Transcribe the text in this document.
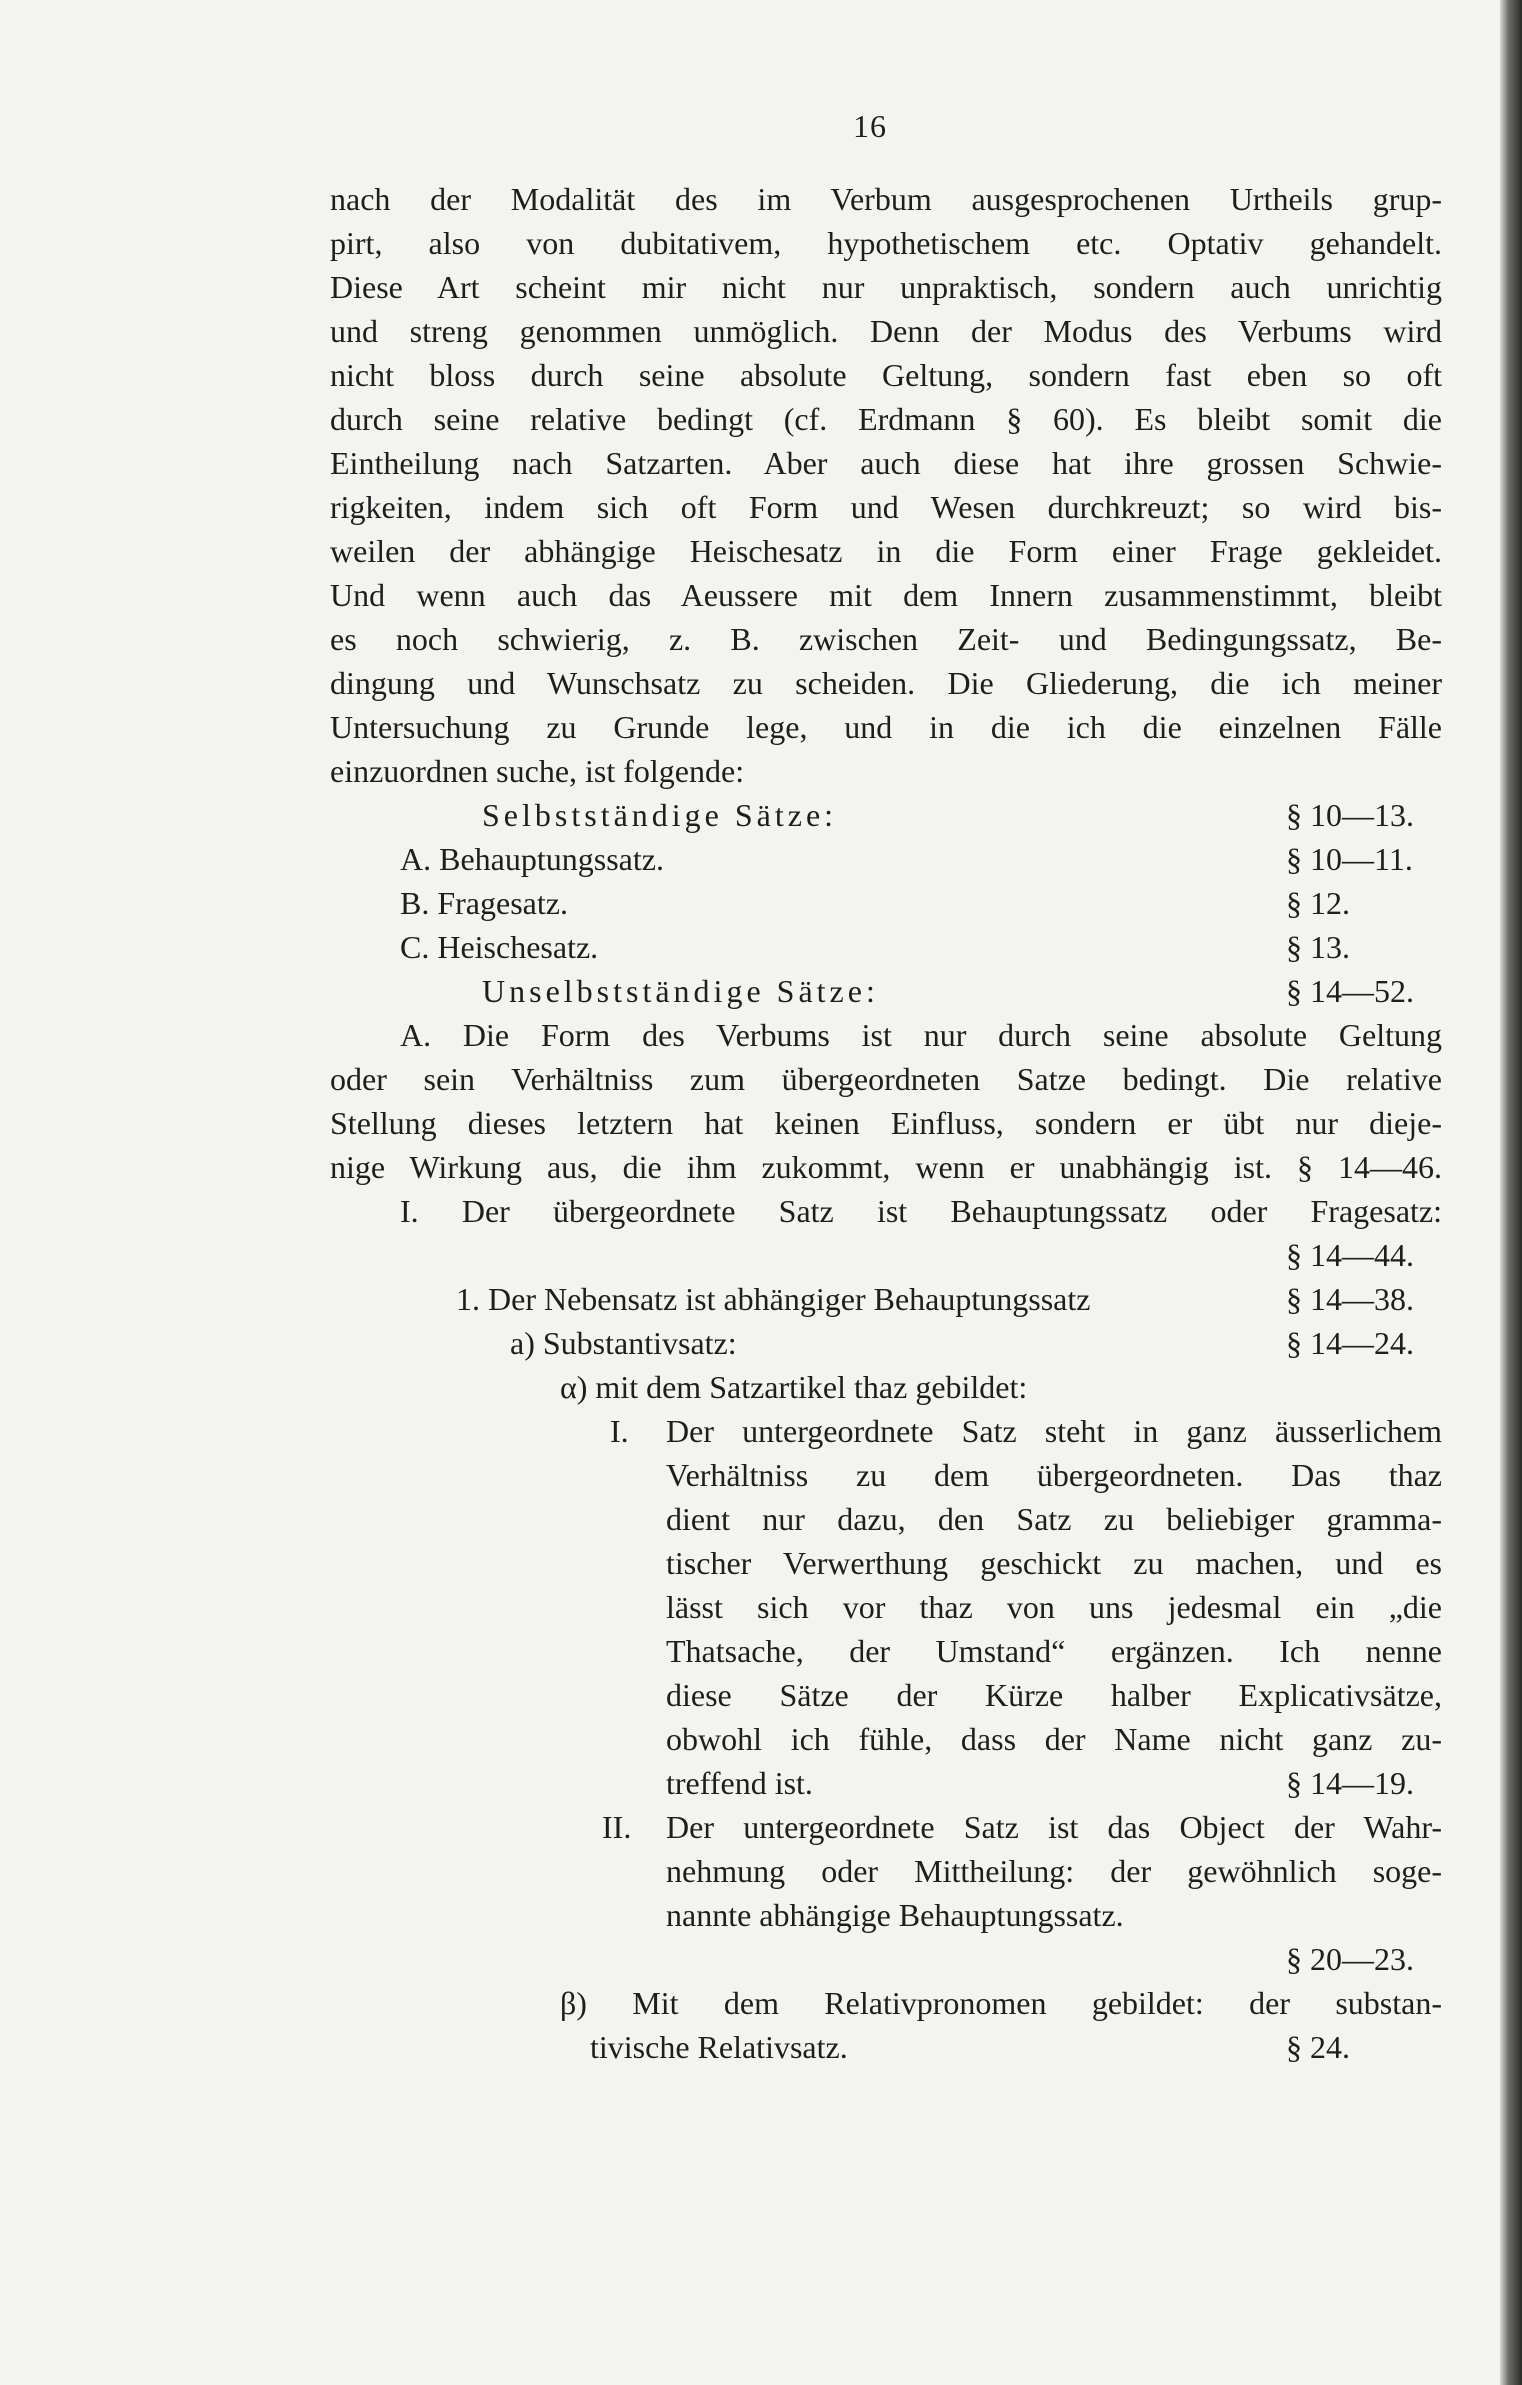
16
nach der Modalität des im Verbum ausgesprochenen Urtheils grup-
pirt, also von dubitativem, hypothetischem etc. Optativ gehandelt.
Diese Art scheint mir nicht nur unpraktisch, sondern auch unrichtig
und streng genommen unmöglich. Denn der Modus des Verbums wird
nicht bloss durch seine absolute Geltung, sondern fast eben so oft
durch seine relative bedingt (cf. Erdmann § 60). Es bleibt somit die
Eintheilung nach Satzarten. Aber auch diese hat ihre grossen Schwie-
rigkeiten, indem sich oft Form und Wesen durchkreuzt; so wird bis-
weilen der abhängige Heischesatz in die Form einer Frage gekleidet.
Und wenn auch das Aeussere mit dem Innern zusammenstimmt, bleibt
es noch schwierig, z. B. zwischen Zeit- und Bedingungssatz, Be-
dingung und Wunschsatz zu scheiden. Die Gliederung, die ich meiner
Untersuchung zu Grunde lege, und in die ich die einzelnen Fälle
einzuordnen suche, ist folgende:
Selbstständige Sätze:	§ 10—13.
A. Behauptungssatz.	§ 10—11.
B. Fragesatz.	§ 12.
C. Heischesatz.	§ 13.
Unselbstständige Sätze:	§ 14—52.
A. Die Form des Verbums ist nur durch seine absolute Geltung
oder sein Verhältniss zum übergeordneten Satze bedingt. Die relative
Stellung dieses letztern hat keinen Einfluss, sondern er übt nur dieje-
nige Wirkung aus, die ihm zukommt, wenn er unabhängig ist. § 14—46.
I. Der übergeordnete Satz ist Behauptungssatz oder Fragesatz:
§ 14—44.
1. Der Nebensatz ist abhängiger Behauptungssatz	§ 14—38.
a) Substantivsatz:	§ 14—24.
α) mit dem Satzartikel thaz gebildet:
I. Der untergeordnete Satz steht in ganz äusserlichem
Verhältniss zu dem übergeordneten. Das thaz
dient nur dazu, den Satz zu beliebiger gramma-
tischer Verwerthung geschickt zu machen, und es
lässt sich vor thaz von uns jedesmal ein „die
Thatsache, der Umstand“ ergänzen. Ich nenne
diese Sätze der Kürze halber Explicativsätze,
obwohl ich fühle, dass der Name nicht ganz zu-
treffend ist.	§ 14—19.
II. Der untergeordnete Satz ist das Object der Wahr-
nehmung oder Mittheilung: der gewöhnlich soge-
nannte abhängige Behauptungssatz.
§ 20—23.
β) Mit dem Relativpronomen gebildet: der substan-
tivische Relativsatz.	§ 24.
